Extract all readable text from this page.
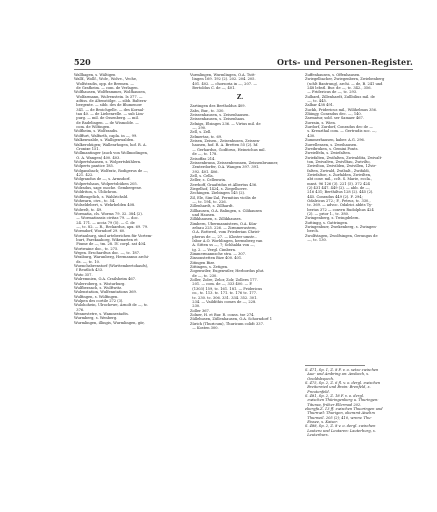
520	Orts- und Personen-Register.

Wallhagen, s. Wältigen

Wallf., Wollf., Wolv., Wolve., Veche,

Wolfstradis, opp. de Bremen. —

de Grafheim. — com. de Verlagen.

Wolfhausen, Wolfframmes, Wolfhausen,

Wolfarmann, Wulvenstein. Is 377. —

adtiss. de Altenstölge. — sibb. Baltern-

bergente. — sibb. des de Blumenow

341. — de Broichgelle. — des Kornal-

tau 40. — de Liebenrelle. — sub Lim-

purg. — mil. de Ossenberg. — mil.

de Radelingen. — de Wismolde. —

com. de Wiltingen.

Wolfheim, s. Wolfrandis.

Wolffurt, Walfurth, capla. in —, 99.

Walkenwalde, s. Walligenwalden.

Walkerohügen; Wallenrhogen, hof. R. A.

Cronixe 151.

Wollmantinger (auch von Wollmodingen,

O. A. Wangen) 400. 403.

Wolpertshausen, s. Wolpertsbühlern.

Wolperts pantice 185.

Wolgansbach; Wolfratz, Rodigerus de —,

421. 422.

Wolgrandus de —, s. Armsdorf.

Wolpertshaus, Wolpertsbühen 205.

Wolradus, sagr. moche. Gembergene.

Woldriton, s. Ublichron.

Wolfbragelich, s. Wahlrichsld.

Wohwarn, civs., tc. 54.

Wolseldebert, s. Wehrbelden 408.

Wolwelt, tc. 49.

Wormatia, cls. Worms 79. 32. 384 (2).

— Wormatinssis civitas 79. — doc.

24. 171. — accia 79 (5). — C. de

—, tc. 82. — R., Rrckardus, apx. 69. 79.

Wormdorf, Worndorf 29. 60.

Wortauburg, sind arteberichen für Vortem-

burt, Farekaahorg, Wikenarten et

Fiume de —, tm. 28. IV. corpl. sat 404.

Wortwaine doc., tc. 275.

Wrgen. Erschardtus doc. —, tc. 187.

Wraiburg, Warunberg, Hermannus archi-

ds. —, tc. 10.

Wuenchsbrenstorf (Württembertohaufs),

f Reutlich 433.

Wuto 357.

Wulremnien, O.A. Crailsheim 467.

Wulerroberg, s. Wisturburg.

Wulfberanch, s. Wulftwitz.

Wulenstation, Wulfenntations 369.

Wulfingen, s. Wülfingen.

Wulpen des cortile 272 (3).

Wulohohein, Ulrochewe, Arnolt de —, tc.

376.

Wennestetre, s. Wamnestadts.

Wurmberg, s. Wenberg.

Wurmlingen, illingis, Wurmlingen, gör,

Vurmlingen, Wurmlingen, O.A. Tutt-

lingen 169. 192 (2). 202. 204. 205.

401. 402. — chorsoria in —, 207. —

Bertoldus C. de —, 401.

Z.

Zartingen des Bertholdus 409.

Zabs, Bur., tc. 330.

Zeissenhausen, s. Zeisenhausen.

Zeissenhausen, s. Zeisenhaus.

Zelnigs, Elsinges 236. — Virtus mil. de

—, 290.

Zell, s. Zell.

Zelmertas, tc. 69.

Zeisen, Zeisen., Zeisenhusen, Zeissen-

hausen, hof. R. A. Bretten 55 (2). hf.

— Gerhardus, Godforus, Heinrichus mil.

de —, tc. 178.

Zeisoffas 214.

Zeissenbrunn, Zeissenbronnen, Zeissenbrunner,

Zenterdorfer, O.A. Wangen 397. 391.

392. 401. 406.

Zell, s. Cella.

Zeller, s. Cellenwin.

Zerrhoff, Graafridus et Albertus 436.

Ziegelhof, 1424, s. Ziegelhovre.

Zechingen. Ziebingen 145 (2).

Zil, Ele, Sim-Zal, Fermitius vicilis de

—, tc. 194, tc. 226.

Zillenhardt, s. Zillhardt.

Zillhausen, O.A. Balingen, s. Cilihausen

und Hausen.

Zillikhausen, s. Zillikhauses.

Zimbern, Ubermannistern, O.A. Kün-

zelsau 225. 226. — Zirmmerastern,

O.A. Rottweil, vom Friederian Christ-

pherus de —, 27. — Kloster umstr...

Isbor A.O. Worblingen, hermsberg van

A. Sitten ss —, 7; Schhalda von —,

ig. 2. — Vergl. Cimbern.

Zimmermannsche stra. — 307.

Zinsonstetten Bize 400. 401.

Zitingen Bize.

Zittingen, s. Zetigen.

Zogenwiler, Eugenwiler, Herbordus plut.

de —, tc. 230.

Zoller, Zolre, Zelor, Zolr, Zollern 177.

201. — com. de —, 333 400. — F.

(1303) 159, tc. 161. 181. — Fridericus

co., tc. 113. tc. 171. tc. 176 tc. 177.

tc. 230. tc. 306. 331. 334. 352. 301.

234. — Vaildithis comes de —, 228.

230.

Zoller 367.

Zolner, H. et Bur. R. conss. tse 274.

Züllehusen, Züllenhausen, O.A. Schorndorf 1

Zürich (Thuricum), Thuricum colidt 337.

— Kosten 300.

Zuffenhausen, s. Offenhausen.

Zwiegelbacher, Zwiegenbern, Zwiebenberg

(schlt Bantrung), archi. — de, B. 241 und

248 lebstl. Bur. de —, tc. 342., 356.

— Fridericus de —, tc. 293.

Zulbard, Zillenhardt, Zullbilius mil. de

—, tc. 445.

Zalbar 438 491.

Zuckh, Fridericus mil., Wilihelmus 356.

Zlüingy, Conradus dec. —, 140.

Zarmatur, sold. ser Samaer 467.

Zuvrain, s. Wien.

Zurdorf, Zurdorf, Conradus dec de —

s. Kreuzthal com. — Gertrudis soc. —,

430.

Zummerhausen, kaber. A.G. 296.

Zuwellensen, s. Zweihausen.

Zweibruken, s. Gemini Ponts.

Zweielfeln, s. Zwiefalten.

Zwiefalten, Zwifalten, Zwivaldita, Zwivalt-

ton, Zwivaltvn, Zwivlltau, Zwivilto,

Zwivilton, Zwivilden, Zwivillen, 1Zvir-

falten, Zwivald, Zwibalt., Zwifaldi,

Zwiefaltoe, s. Zurfalden, Zwivilten,

abt conv. mil., cclt. S. Marie, eccla.,

mnst. 96 126 (3). 221 (5). 372 424

(2) 431 447. 449 (2). — abb. de —,

216 431; Berthiltus 128 (2). 445 (2).

445. Conradus 449 (2). F. 294;

Odalricus 272.; F., Petrus, tc. 330.,

tc. 369. — advoc. Odalrici abbts Ty-

berius 372 — convrn Rudolphus 424

(2). — prior 1., tc. 380.

Zwingenberg, s. Twingdelern.

Zuttingg, s. Gattringen.

Zwingenburr, Zwekenberg, s. Zwingen-

berch.

Zwolfstagen, Zwolfsingen, Gerungus de

—, tc. 130.

S. 471, Sp. 1, Z. 8 F. v. o. setze zwischen

Aue- und Ambring an: Ansbach, s.

Onoldsbspech.

S. 475, Sp. 2, Z. 6 fl. v. o. dergl. zwischen

Breitenried und Brain: Brenfeld, s.

Preutenfeld.

S. 481, Sp. 2, Z. 18 F. v. o. dergl.

zwischen Thüringenberg u. Thuringen:

Tituraa, früher Ellermad 202.

ebergfa.Z. 13 ff. zwischen Thuoringen und

Thurnwil: Thurigen, oberamt Aisehm

Thurweil. 205 (2); 410, wrenv. Thu-

Eissee, s. Kaiser.

S. 488, Sp. 2, Z. 8 v. o. dergl. zwischen

Lauteru und Leutaren: Lauterburg, s.

Leuterburs.
